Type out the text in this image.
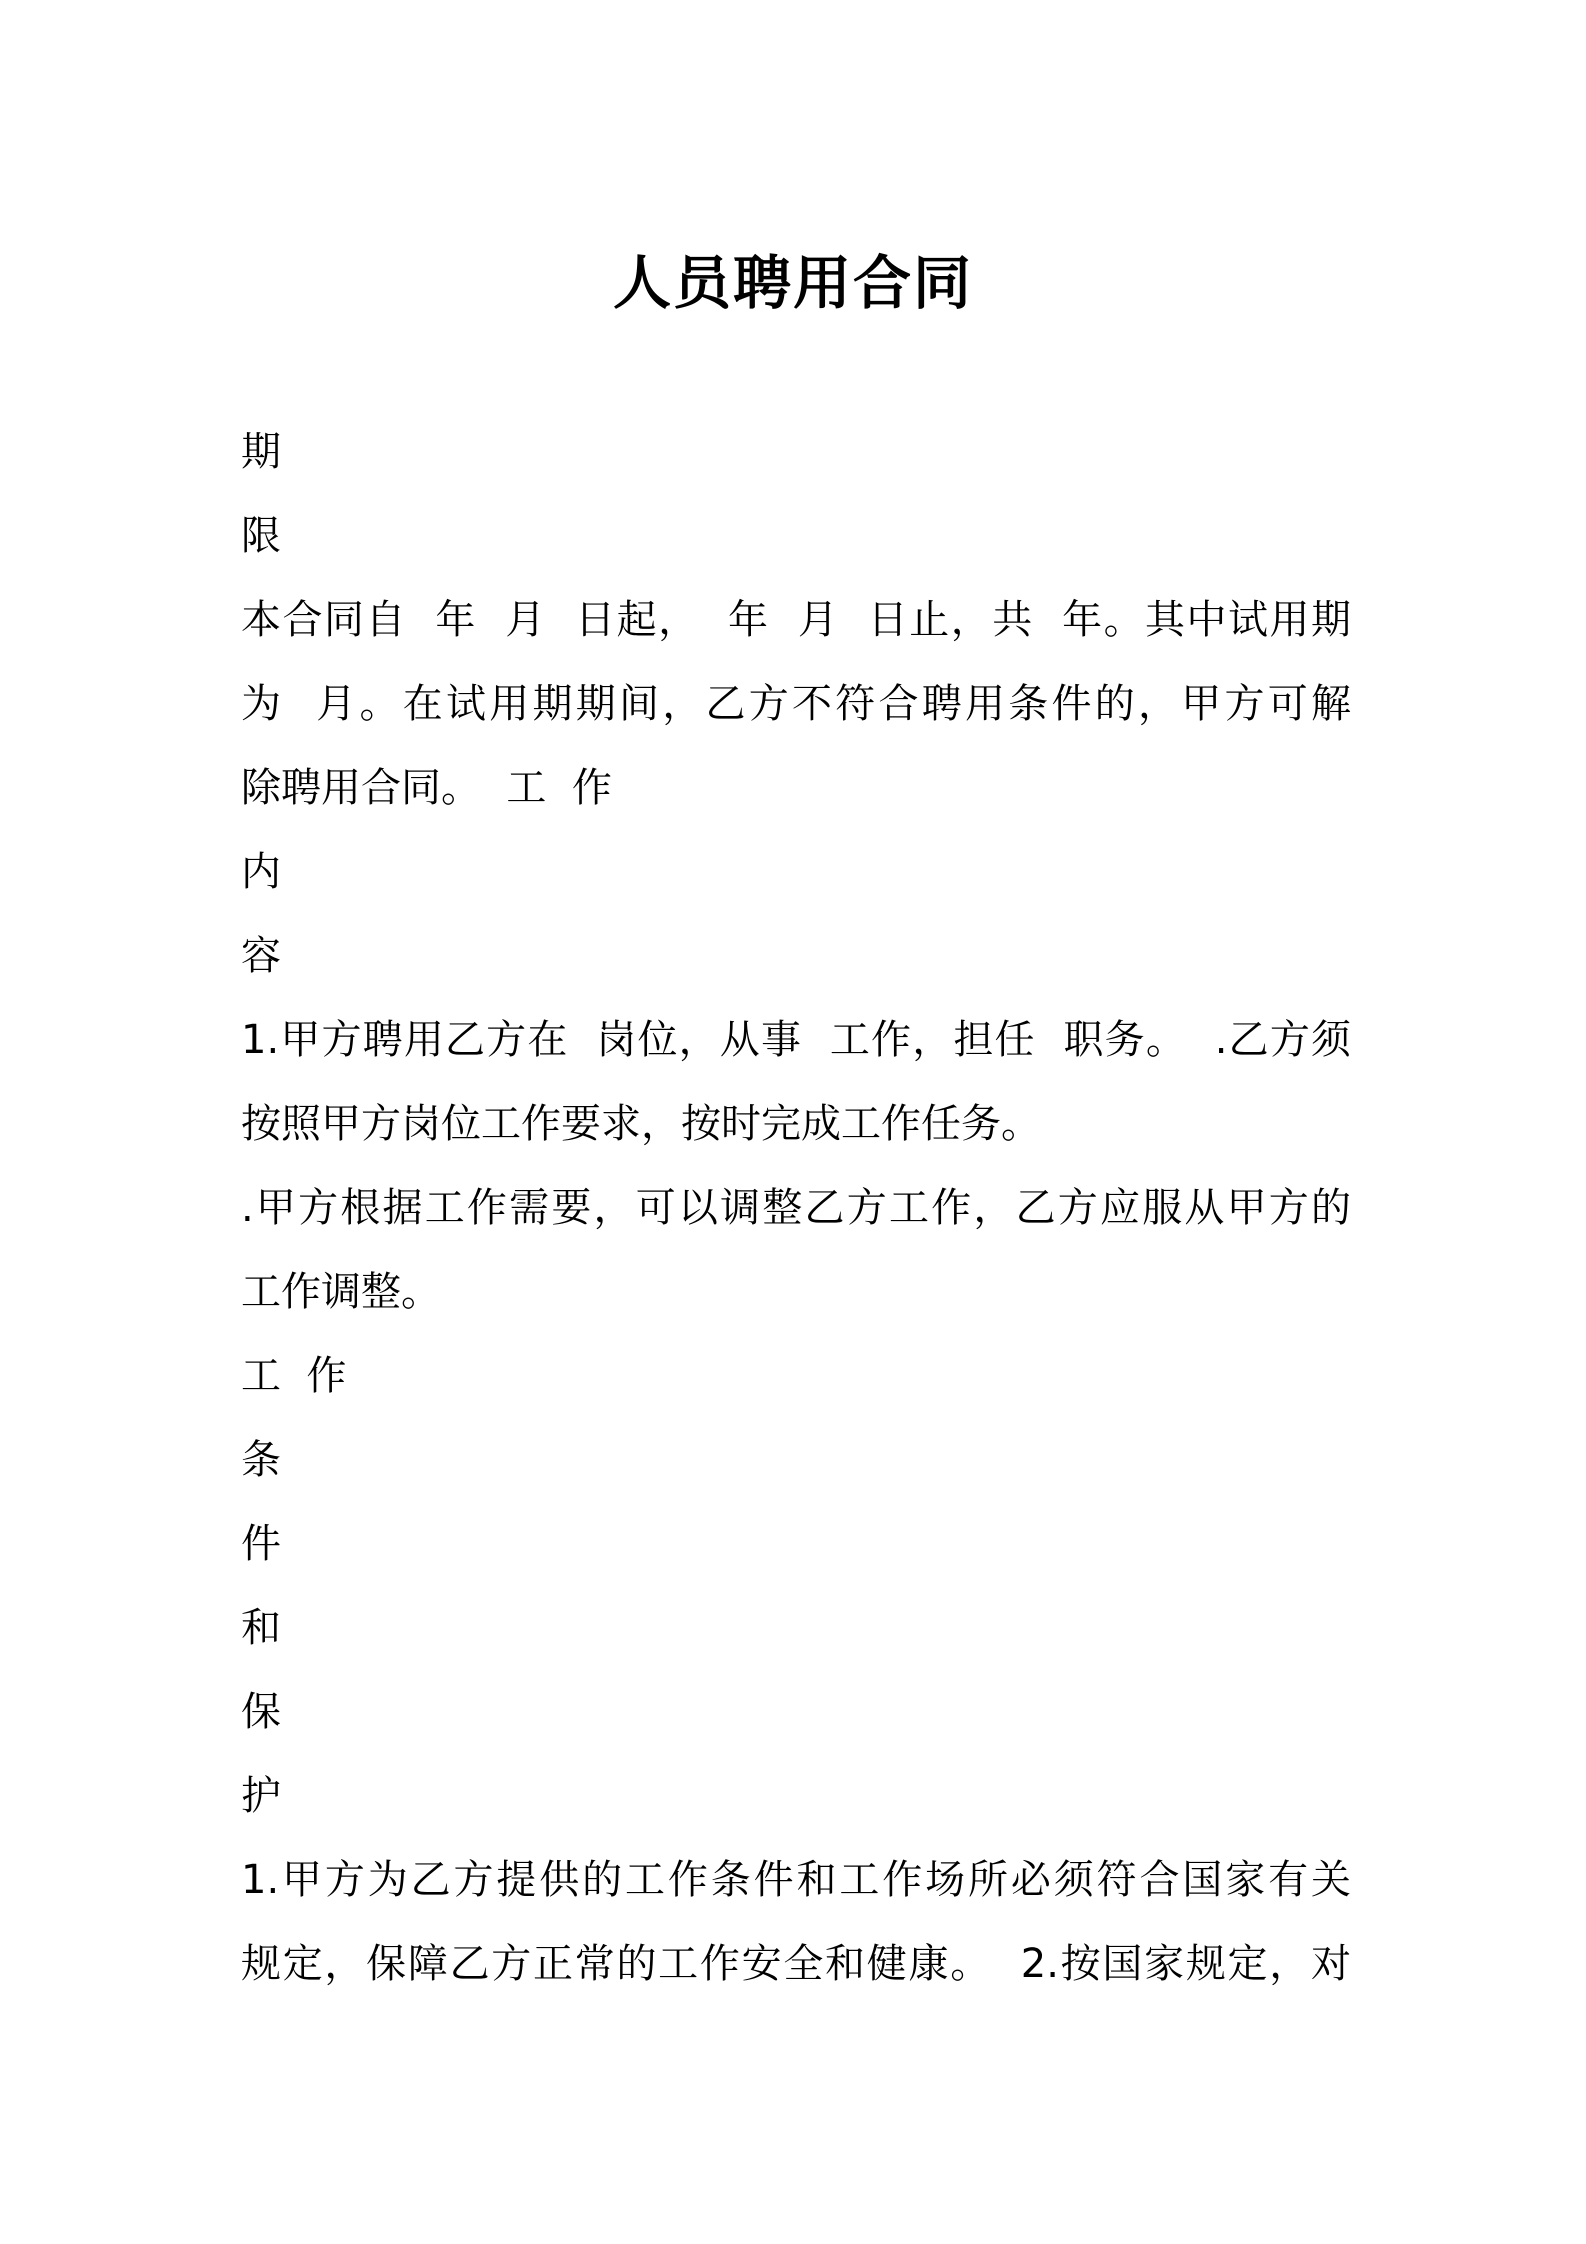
人员聘用合同
期
限
本合同自  年  月  日起，  年  月  日止，共  年。其中试用期
为  月。在试用期期间，乙方不符合聘用条件的，甲方可解
除聘用合同。  工  作
内
容
1.甲方聘用乙方在  岗位，从事  工作，担任  职务。  .乙方须
按照甲方岗位工作要求，按时完成工作任务。
.甲方根据工作需要，可以调整乙方工作，乙方应服从甲方的
工作调整。
工  作
条
件
和
保
护
1.甲方为乙方提供的工作条件和工作场所必须符合国家有关
规定，保障乙方正常的工作安全和健康。  2.按国家规定，对
